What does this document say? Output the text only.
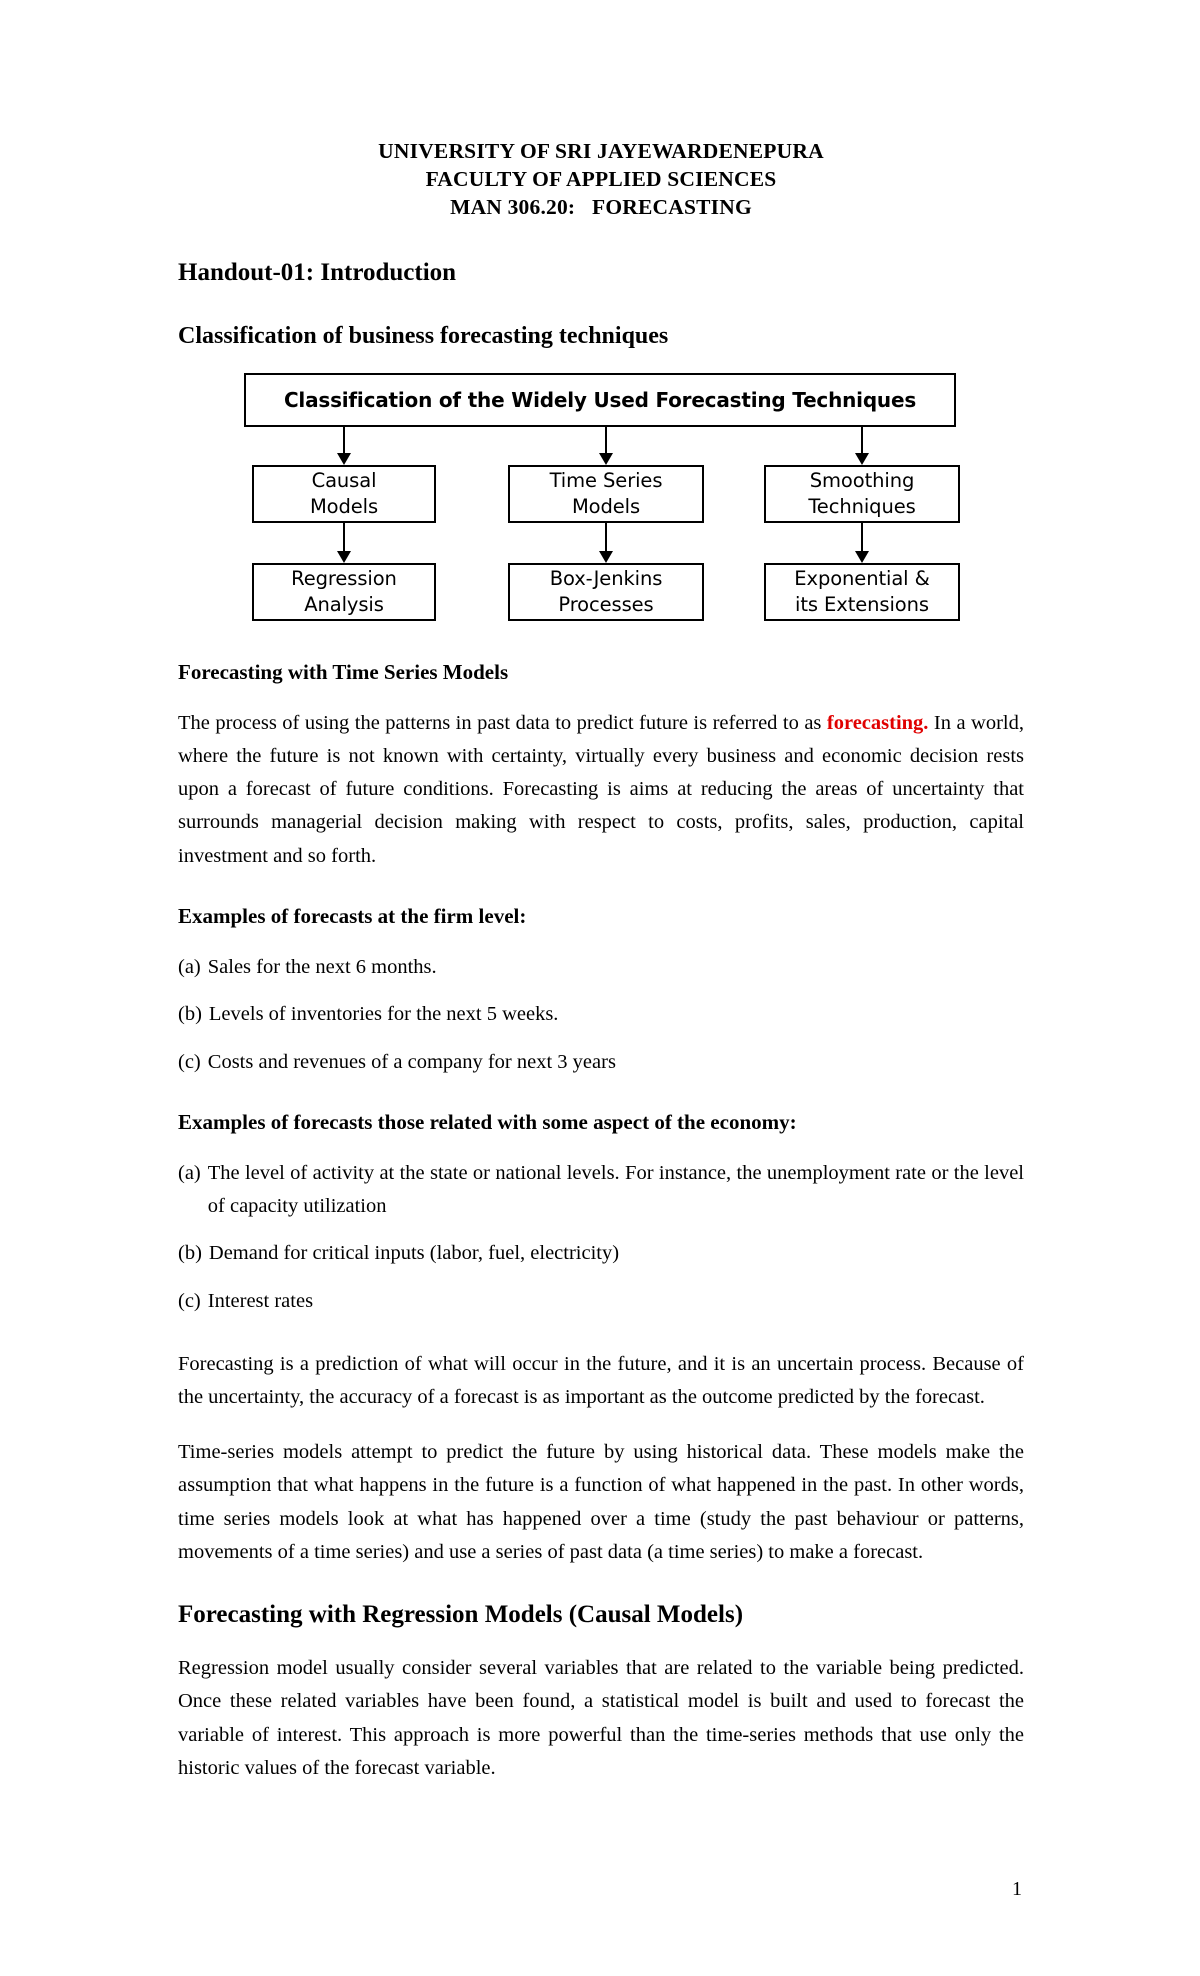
UNIVERSITY OF SRI JAYEWARDENEPURA
FACULTY OF APPLIED SCIENCES
MAN 306.20:   FORECASTING
Handout-01: Introduction
Classification of business forecasting techniques
Classification of the Widely Used Forecasting Techniques
Causal
Models
Time Series
Models
Smoothing
Techniques
Regression
Analysis
Box-Jenkins
Processes
Exponential &
its Extensions
Forecasting with Time Series Models

The process of using the patterns in past data to predict future is referred to as forecasting. In a world, where the future is not known with certainty, virtually every business and economic decision rests upon a forecast of future conditions. Forecasting is aims at reducing the areas of uncertainty that surrounds managerial decision making with respect to costs, profits, sales, production, capital investment and so forth.

Examples of forecasts at the firm level:
(a) Sales for the next 6 months.
(b) Levels of inventories for the next 5 weeks.
(c) Costs and revenues of a company for next 3 years
Examples of forecasts those related with some aspect of the economy:
(a) The level of activity at the state or national levels. For instance, the unemployment rate or the level of capacity utilization
(b) Demand for critical inputs (labor, fuel, electricity)
(c) Interest rates

Forecasting is a prediction of what will occur in the future, and it is an uncertain process. Because of the uncertainty, the accuracy of a forecast is as important as the outcome predicted by the forecast.

Time-series models attempt to predict the future by using historical data. These models make the assumption that what happens in the future is a function of what happened in the past. In other words, time series models look at what has happened over a time (study the past behaviour or patterns, movements of a time series) and use a series of past data (a time series) to make a forecast.

Forecasting with Regression Models (Causal Models)

Regression model usually consider several variables that are related to the variable being predicted. Once these related variables have been found, a statistical model is built and used to forecast the variable of interest. This approach is more powerful than the time-series methods that use only the historic values of the forecast variable.

1
